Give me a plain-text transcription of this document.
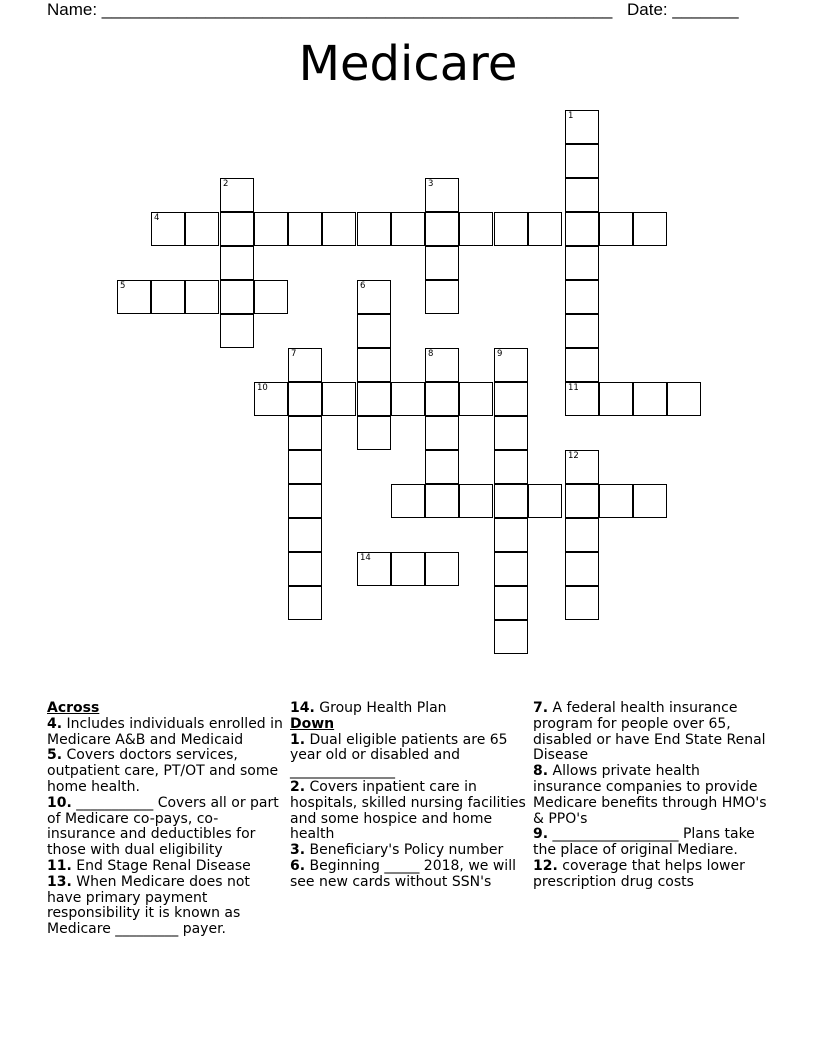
Name: ______________________________________________________ Date: _______
Medicare
1
11
2	3
4
5	6
7	8	9
10
12
14
Across

4. Includes individuals enrolled in Medicare A&B and Medicaid

5. Covers doctors services, outpatient care, PT/OT and some home health.

10. ___________ Covers all or part of Medicare co-pays, co-insurance and deductibles for those with dual eligibility

11. End Stage Renal Disease

13. When Medicare does not have primary payment responsibility it is known as Medicare _________ payer.

14. Group Health Plan

Down

1. Dual eligible patients are 65 year old or disabled and _______________

2. Covers inpatient care in hospitals, skilled nursing facilities and some hospice and home health

3. Beneficiary's Policy number

6. Beginning _____ 2018, we will see new cards without SSN's

7. A federal health insurance program for people over 65, disabled or have End State Renal Disease

8. Allows private health insurance companies to provide Medicare benefits through HMO's & PPO's

9. __________________ Plans take the place of original Mediare.

12. coverage that helps lower prescription drug costs
